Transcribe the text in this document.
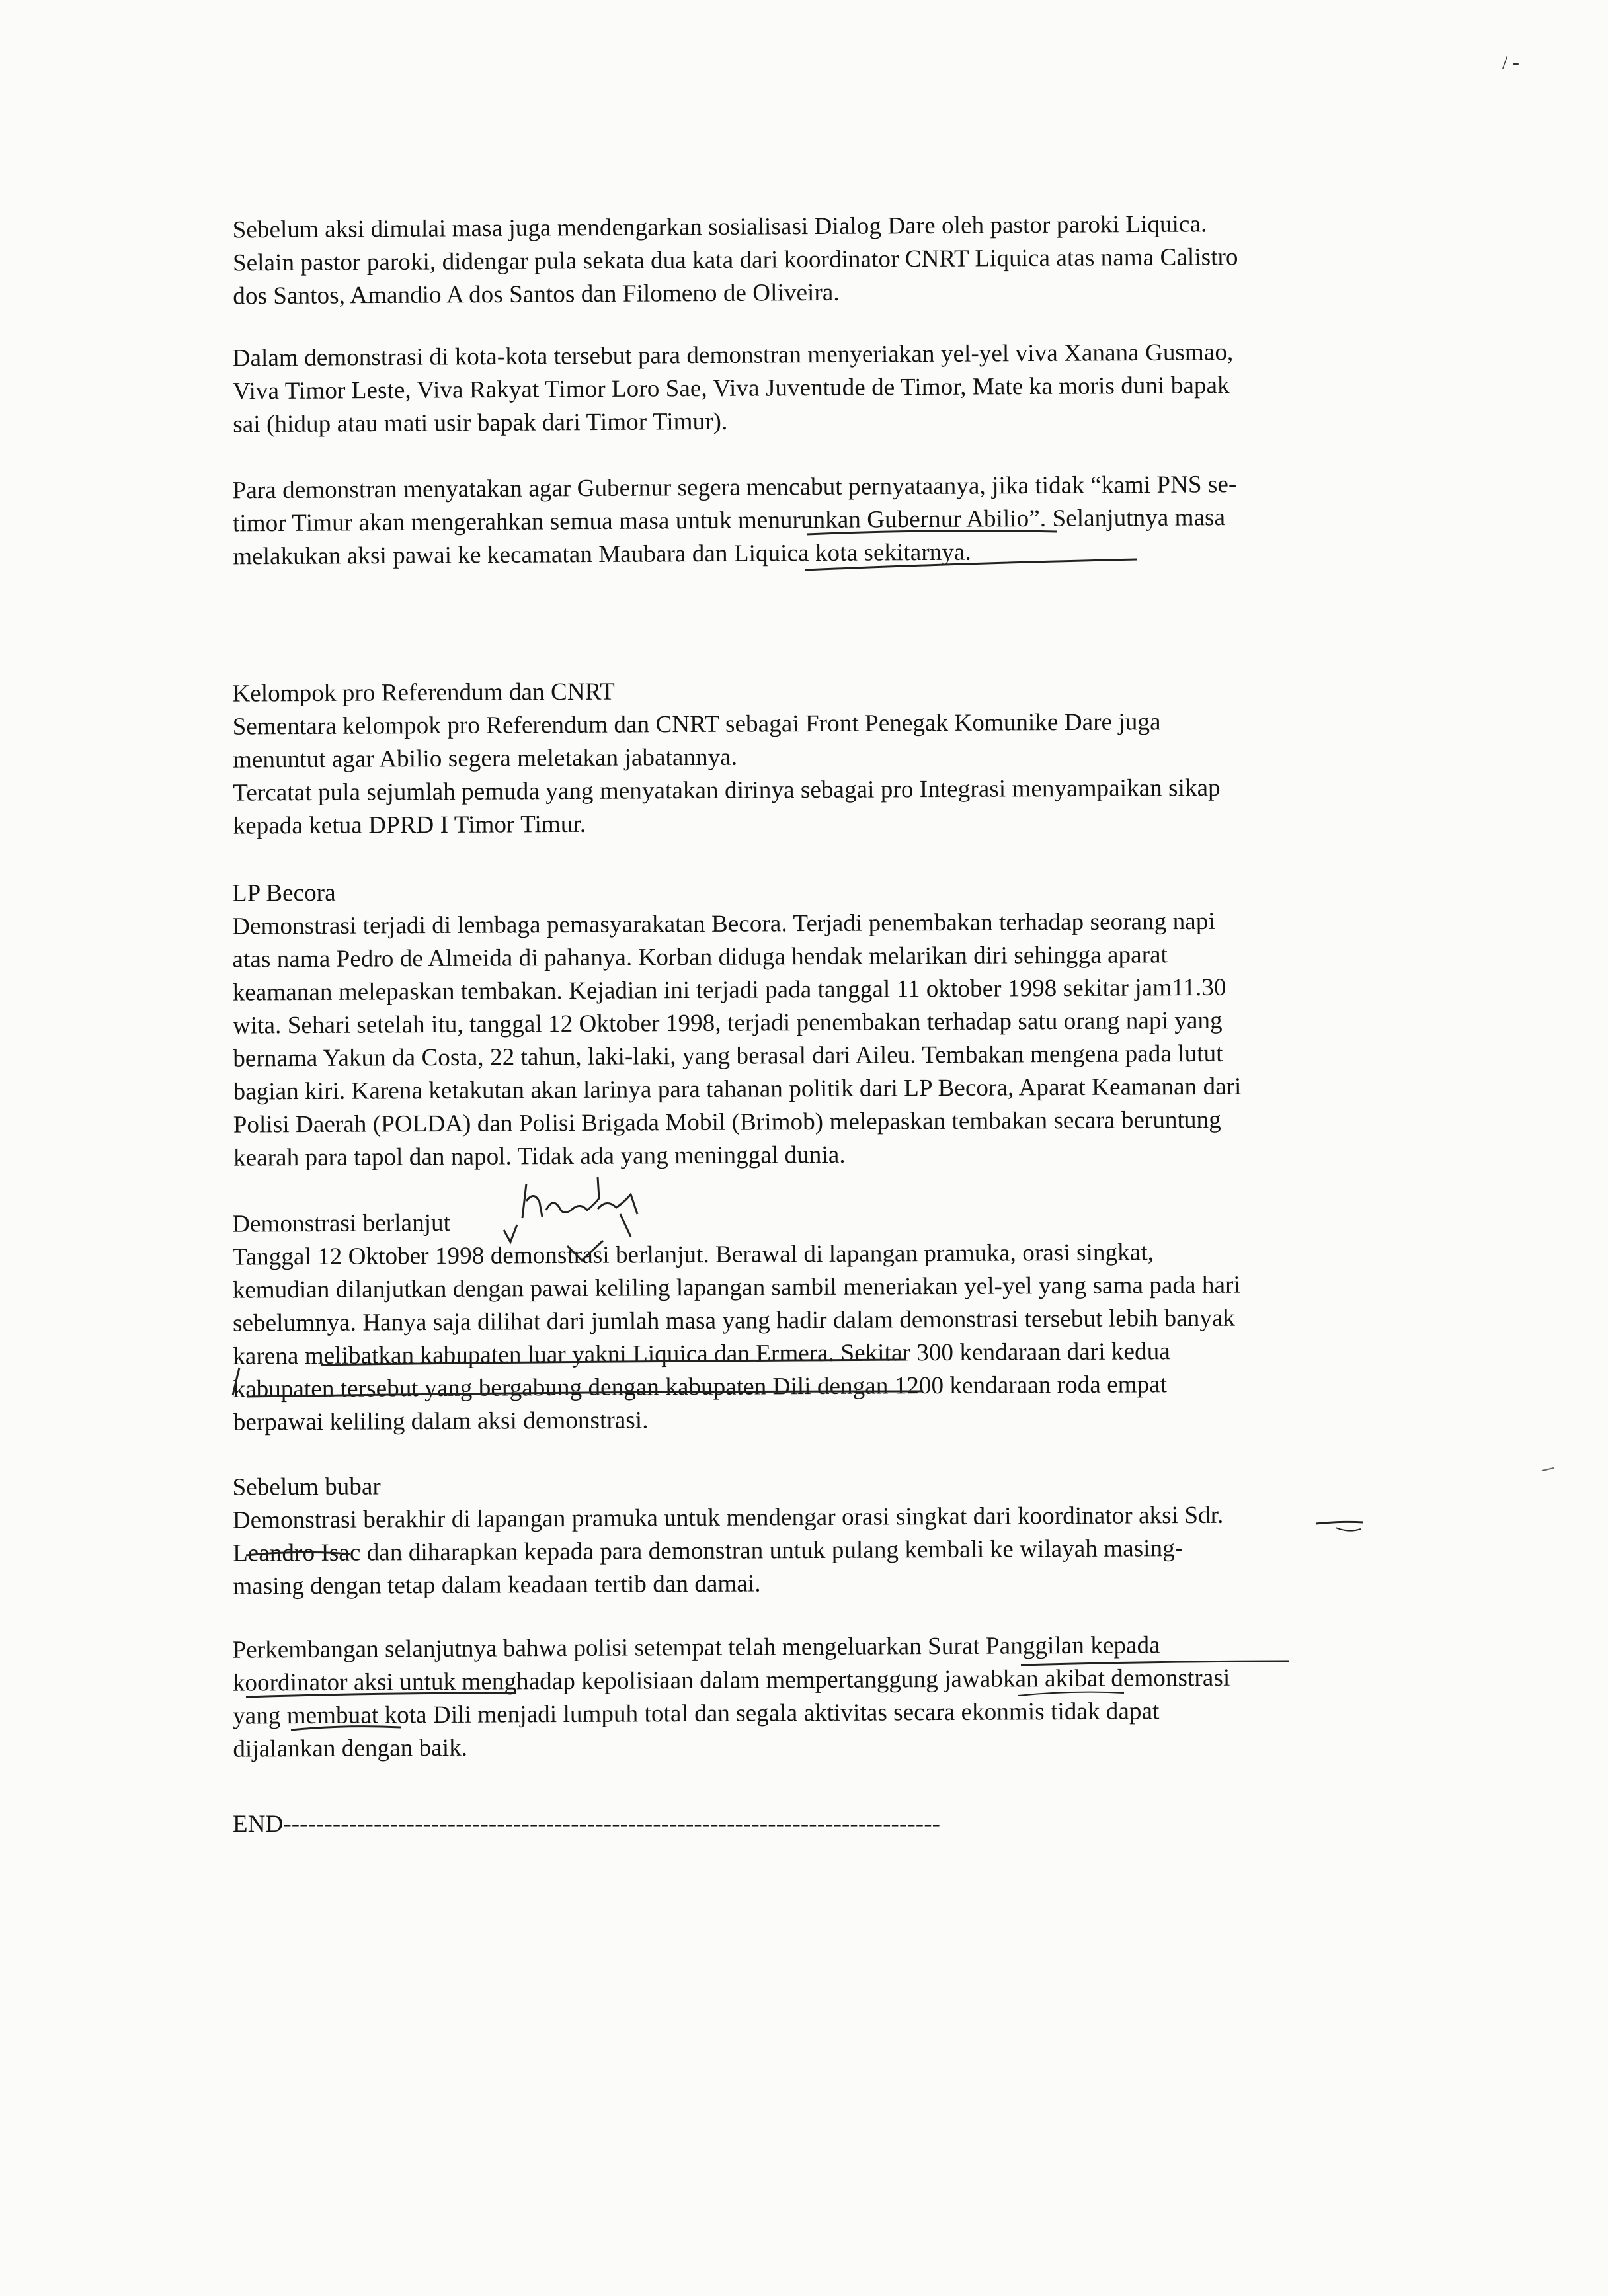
/ -
Sebelum aksi dimulai masa juga mendengarkan sosialisasi Dialog Dare oleh pastor paroki Liquica.
Selain pastor paroki, didengar pula sekata dua kata dari koordinator CNRT Liquica atas nama Calistro
dos Santos, Amandio A dos Santos dan Filomeno de Oliveira.
Dalam demonstrasi di kota-kota tersebut para demonstran menyeriakan yel-yel viva Xanana Gusmao,
Viva Timor Leste, Viva Rakyat Timor Loro Sae, Viva Juventude de Timor, Mate ka moris duni bapak
sai (hidup atau mati usir bapak dari Timor Timur).
Para demonstran menyatakan agar Gubernur segera mencabut pernyataanya, jika tidak “kami PNS se-
timor Timur akan mengerahkan semua masa untuk menurunkan Gubernur Abilio”. Selanjutnya masa
melakukan aksi pawai ke kecamatan Maubara dan Liquica kota sekitarnya.
Kelompok pro Referendum dan CNRT
Sementara kelompok pro Referendum dan CNRT sebagai Front Penegak Komunike Dare juga
menuntut agar Abilio segera meletakan jabatannya.
Tercatat pula sejumlah pemuda yang menyatakan dirinya sebagai pro Integrasi menyampaikan sikap
kepada ketua DPRD I Timor Timur.
LP Becora
Demonstrasi terjadi di lembaga pemasyarakatan Becora. Terjadi penembakan terhadap seorang napi
atas nama Pedro de Almeida di pahanya. Korban diduga hendak melarikan diri sehingga aparat
keamanan melepaskan tembakan. Kejadian ini terjadi pada tanggal 11 oktober 1998 sekitar jam11.30
wita. Sehari setelah itu, tanggal 12 Oktober 1998, terjadi penembakan terhadap satu orang napi yang
bernama Yakun da Costa, 22 tahun, laki-laki, yang berasal dari Aileu. Tembakan mengena pada lutut
bagian kiri. Karena ketakutan akan larinya para tahanan politik dari LP Becora, Aparat Keamanan dari
Polisi Daerah (POLDA) dan Polisi Brigada Mobil (Brimob) melepaskan tembakan secara beruntung
kearah para tapol dan napol. Tidak ada yang meninggal dunia.
Demonstrasi berlanjut
Tanggal 12 Oktober 1998 demonstrasi berlanjut. Berawal di lapangan pramuka, orasi singkat,
kemudian dilanjutkan dengan pawai keliling lapangan sambil meneriakan yel-yel yang sama pada hari
sebelumnya. Hanya saja dilihat dari jumlah masa yang hadir dalam demonstrasi tersebut lebih banyak
karena melibatkan kabupaten luar yakni Liquica dan Ermera. Sekitar 300 kendaraan dari kedua
kabupaten tersebut yang bergabung dengan kabupaten Dili dengan 1200 kendaraan roda empat
berpawai keliling dalam aksi demonstrasi.
Sebelum bubar
Demonstrasi berakhir di lapangan pramuka untuk mendengar orasi singkat dari koordinator aksi Sdr.
Leandro Isac dan diharapkan kepada para demonstran untuk pulang kembali ke wilayah masing-
masing dengan tetap dalam keadaan tertib dan damai.
Perkembangan selanjutnya bahwa polisi setempat telah mengeluarkan Surat Panggilan kepada
koordinator aksi untuk menghadap kepolisiaan dalam mempertanggung jawabkan akibat demonstrasi
yang membuat kota Dili menjadi lumpuh total dan segala aktivitas secara ekonmis tidak dapat
dijalankan dengan baik.
END--------------------------------------------------------------------------------
